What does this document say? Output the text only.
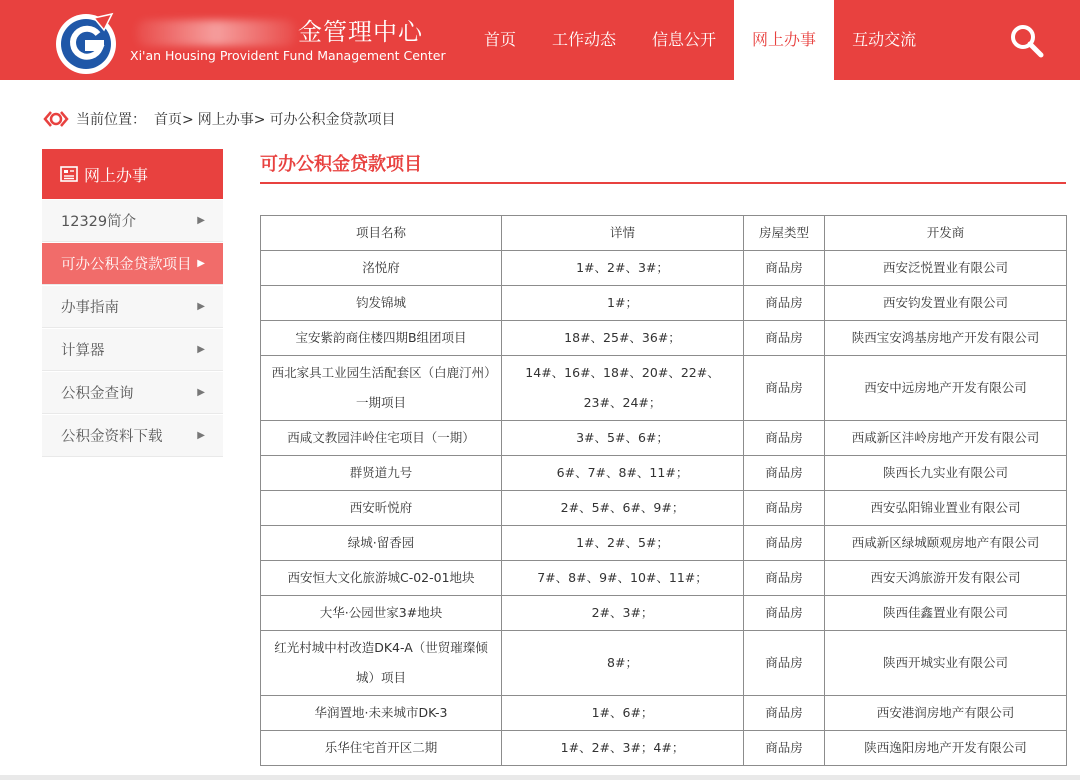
金管理中心
Xi'an Housing Provident Fund Management Center
首页	工作动态	信息公开	网上办事	互动交流
当前位置： 首页> 网上办事> 可办公积金贷款项目
网上办事
12329简介	▶
可办公积金贷款项目 ▶
办事指南	▶
计算器	▶
公积金查询	▶
公积金资料下载	▶
可办公积金贷款项目
项目名称	详情	房屋类型	开发商
洺悦府	1#、2#、3#；	商品房	西安泛悦置业有限公司
钧发锦城	1#；	商品房	西安钧发置业有限公司
宝安紫韵商住楼四期B组团项目	18#、25#、36#；	商品房	陕西宝安鸿基房地产开发有限公司
西北家具工业园生活配套区（白鹿汀州）一期项目	14#、16#、18#、20#、22#、23#、24#；	商品房	西安中远房地产开发有限公司
西咸文教园沣岭住宅项目（一期）	3#、5#、6#；	商品房	西咸新区沣岭房地产开发有限公司
群贤道九号	6#、7#、8#、11#；	商品房	陕西长九实业有限公司
西安昕悦府	2#、5#、6#、9#；	商品房	西安弘阳锦业置业有限公司
绿城·留香园	1#、2#、5#；	商品房	西咸新区绿城颐观房地产有限公司
西安恒大文化旅游城C-02-01地块	7#、8#、9#、10#、11#；	商品房	西安天鸿旅游开发有限公司
大华·公园世家3#地块	2#、3#；	商品房	陕西佳鑫置业有限公司
红光村城中村改造DK4-A（世贸璀璨倾城）项目	8#；	商品房	陕西开城实业有限公司
华润置地·未来城市DK-3	1#、6#；	商品房	西安港润房地产有限公司
乐华住宅首开区二期	1#、2#、3#；4#；	商品房	陕西逸阳房地产开发有限公司
